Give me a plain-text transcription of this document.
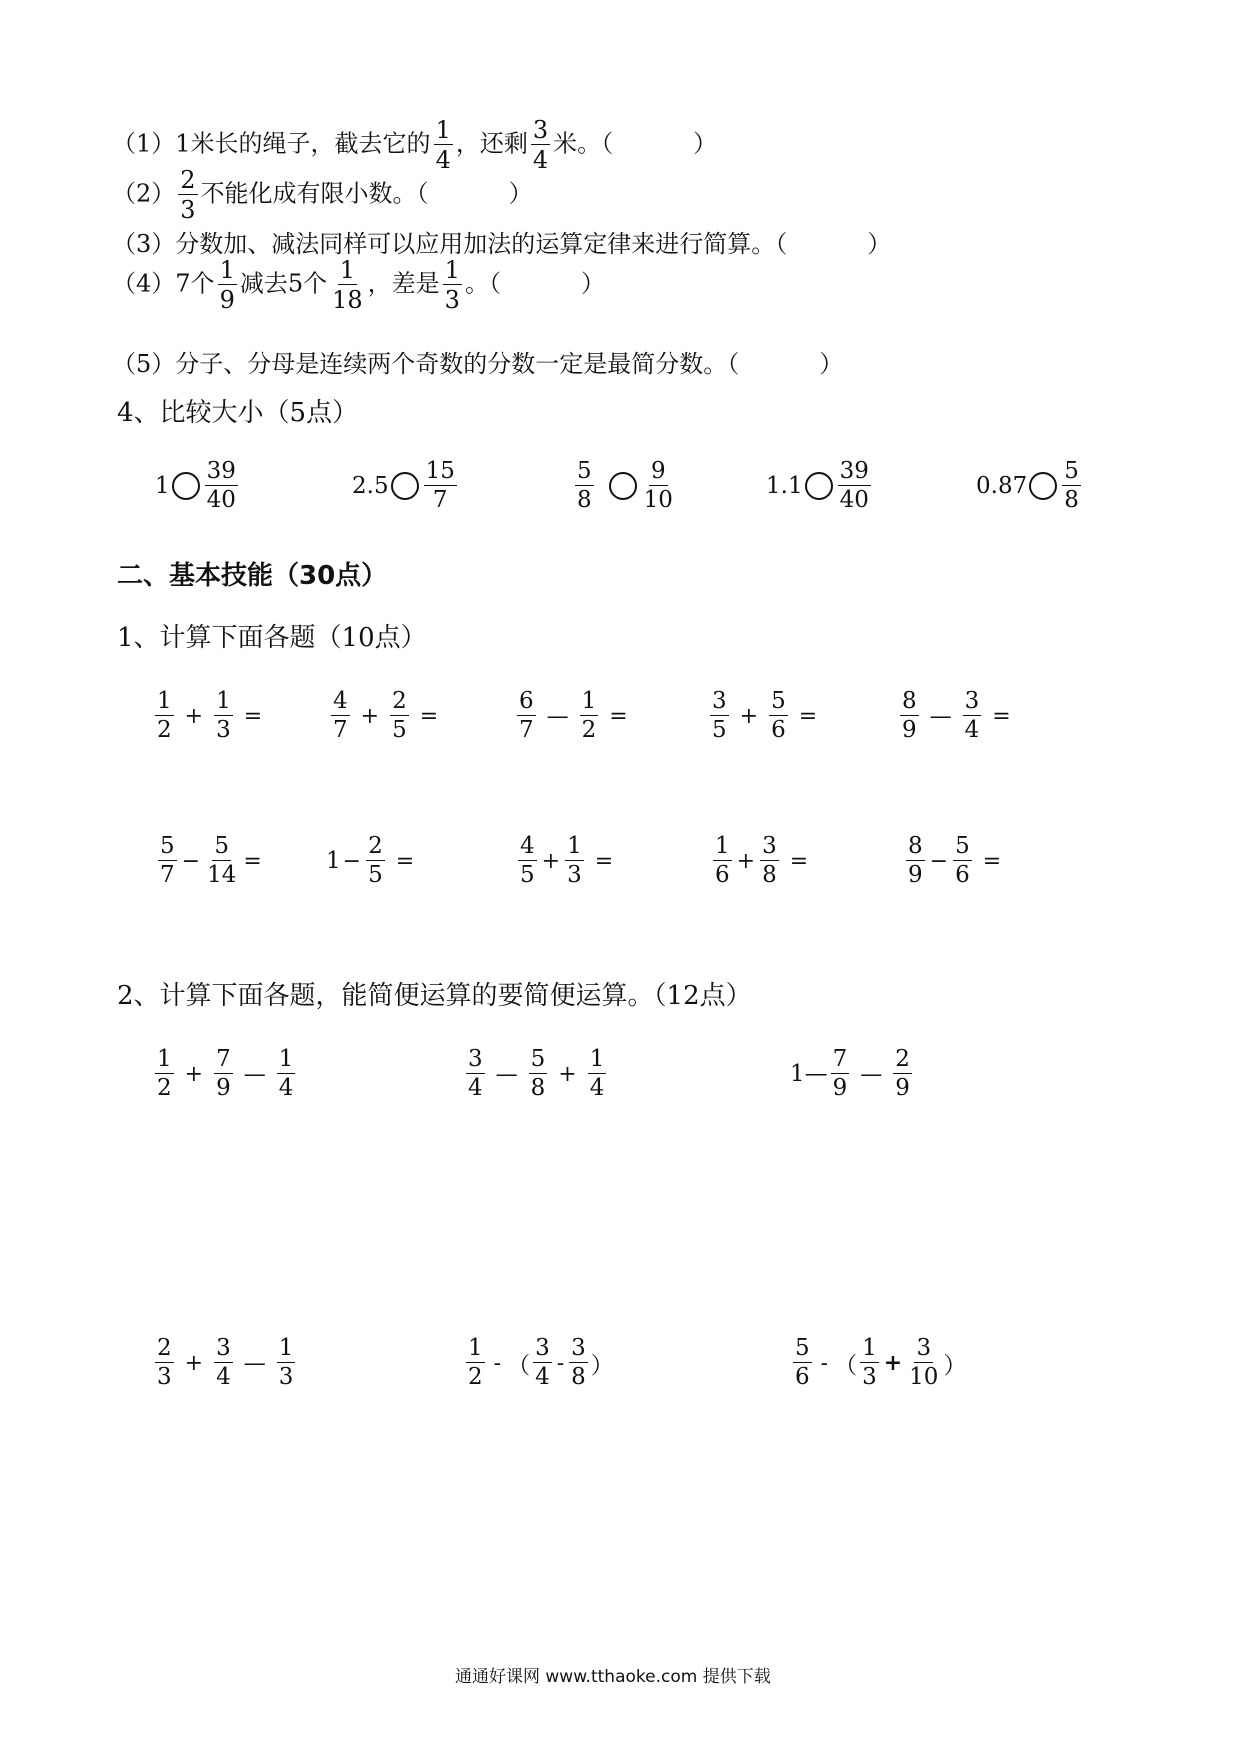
（1）1米长的绳子，截去它的 $\frac{1}{4}$ ，还剩 $\frac{3}{4}$ 米。（	）
$(2) \frac{2}{3}$ 不能化成有限小数。（	）
（3）分数加、减法同样可以应用加法的运算定律来进行简算。（	）
（4）7个 $\frac{1}{9}$ 减去5个 $\frac{1}{18}$ ，差是 $\frac{1}{3}$ 。（	）
（5）分子、分母是连续两个奇数的分数一定是最简分数。（	）
4、比较大小（5点）
$1 \frac{39}{40}$	$2.5 \frac{15}{7}$	$\frac{5}{8} \frac{9}{10}$	$1.1 \frac{39}{40}$	$0.87 \frac{5}{8}$
二、基本技能（30点）
1、计算下面各题（10点）
$\frac{1}{2} + \frac{1}{3}$ =	$\frac{4}{7} + \frac{2}{5}$ =	$\frac{6}{7}$ — $\frac{1}{2}$ =	$\frac{3}{5} + \frac{5}{6}$ =	$\frac{8}{9}$ — $\frac{3}{4}$ =
$\frac{5}{7} - \frac{5}{14}$ =	$1 - \frac{2}{5}$ =	$\frac{4}{5} + \frac{1}{3}$ =	$\frac{1}{6} + \frac{3}{8}$ =	$\frac{8}{9} - \frac{5}{6}$ =
2、计算下面各题，能简便运算的要简便运算。（12点）
$\frac{1}{2} + \frac{7}{9}$ — $\frac{1}{4}$	$\frac{3}{4}$ — $\frac{5}{8} + \frac{1}{4}$	1— $\frac{7}{9}$ — $\frac{2}{9}$
$\frac{2}{3} + \frac{3}{4}$ — $\frac{1}{3}$	$\frac{1}{2}$ - （ $\frac{3}{4} - \frac{3}{8}$ ）	$\frac{5}{6}$ - （ $\frac{1}{3} + \frac{3}{10}$ ）
通通好课网 www.tthaoke.com 提供下载
